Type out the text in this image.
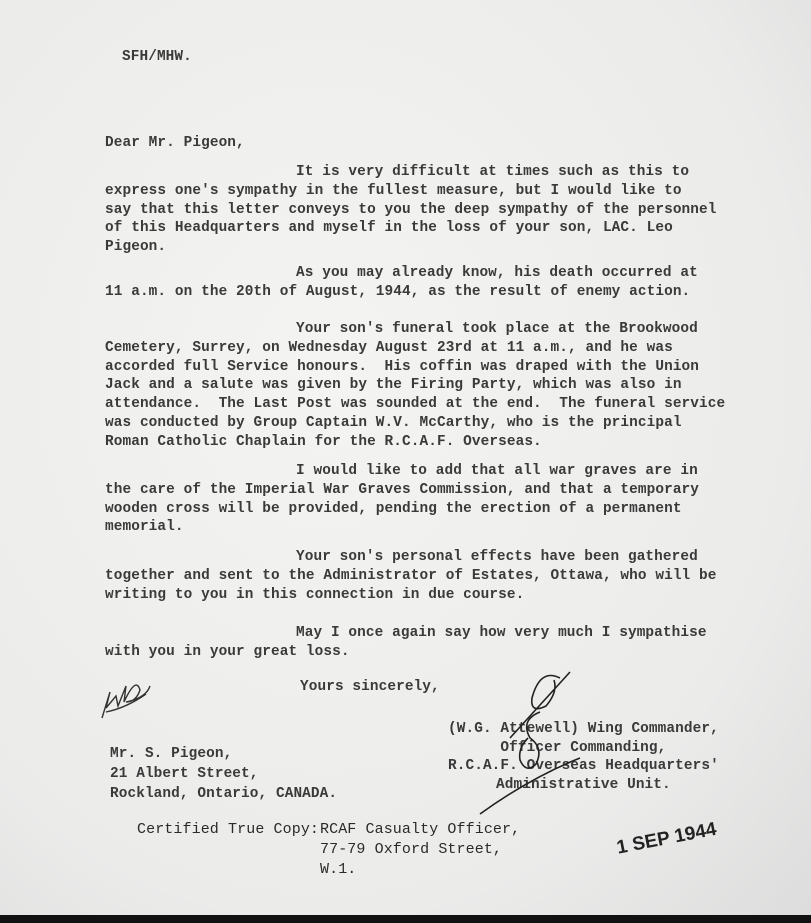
SFH/MHW.
Dear Mr. Pigeon,
It is very difficult at times such as this to
express one's sympathy in the fullest measure, but I would like to
say that this letter conveys to you the deep sympathy of the personnel
of this Headquarters and myself in the loss of your son, LAC. Leo
Pigeon.
As you may already know, his death occurred at
11 a.m. on the 20th of August, 1944, as the result of enemy action.
Your son's funeral took place at the Brookwood
Cemetery, Surrey, on Wednesday August 23rd at 11 a.m., and he was
accorded full Service honours.  His coffin was draped with the Union
Jack and a salute was given by the Firing Party, which was also in
attendance.  The Last Post was sounded at the end.  The funeral service
was conducted by Group Captain W.V. McCarthy, who is the principal
Roman Catholic Chaplain for the R.C.A.F. Overseas.
I would like to add that all war graves are in
the care of the Imperial War Graves Commission, and that a temporary
wooden cross will be provided, pending the erection of a permanent
memorial.
Your son's personal effects have been gathered
together and sent to the Administrator of Estates, Ottawa, who will be
writing to you in this connection in due course.
May I once again say how very much I sympathise
with you in your great loss.
Yours sincerely,
(W.G. Attewell) Wing Commander,
Officer Commanding,
R.C.A.F. Overseas Headquarters'
Administrative Unit.
Mr. S. Pigeon,
21 Albert Street,
Rockland, Ontario, CANADA.
Certified True Copy: RCAF Casualty Officer,
77-79 Oxford Street,
W.1.
1 SEP 1944
